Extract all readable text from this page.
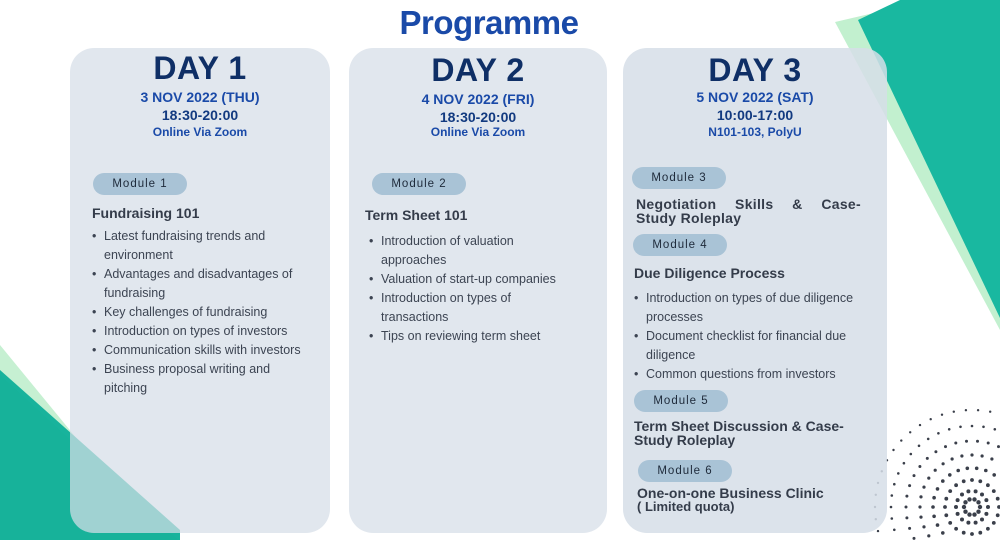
Programme
DAY 1
3 NOV 2022 (THU)
18:30-20:00
Online Via Zoom
Module 1
Fundraising 101
• Latest fundraising trends and environment
• Advantages and disadvantages of fundraising
• Key challenges of fundraising
• Introduction on types of investors
• Communication skills with investors
• Business proposal writing and pitching
DAY 2
4 NOV 2022 (FRI)
18:30-20:00
Online Via Zoom
Module 2
Term Sheet 101
• Introduction of valuation approaches
• Valuation of start-up companies
• Introduction on types of transactions
• Tips on reviewing term sheet
DAY 3
5 NOV 2022 (SAT)
10:00-17:00
N101-103, PolyU
Module 3
Negotiation Skills & Case-
Study Roleplay
Module 4
Due Diligence Process
• Introduction on types of due diligence processes
• Document checklist for financial due diligence
• Common questions from investors
Module 5
Term Sheet Discussion & Case-
Study Roleplay
Module 6
One-on-one Business Clinic
( Limited quota)
